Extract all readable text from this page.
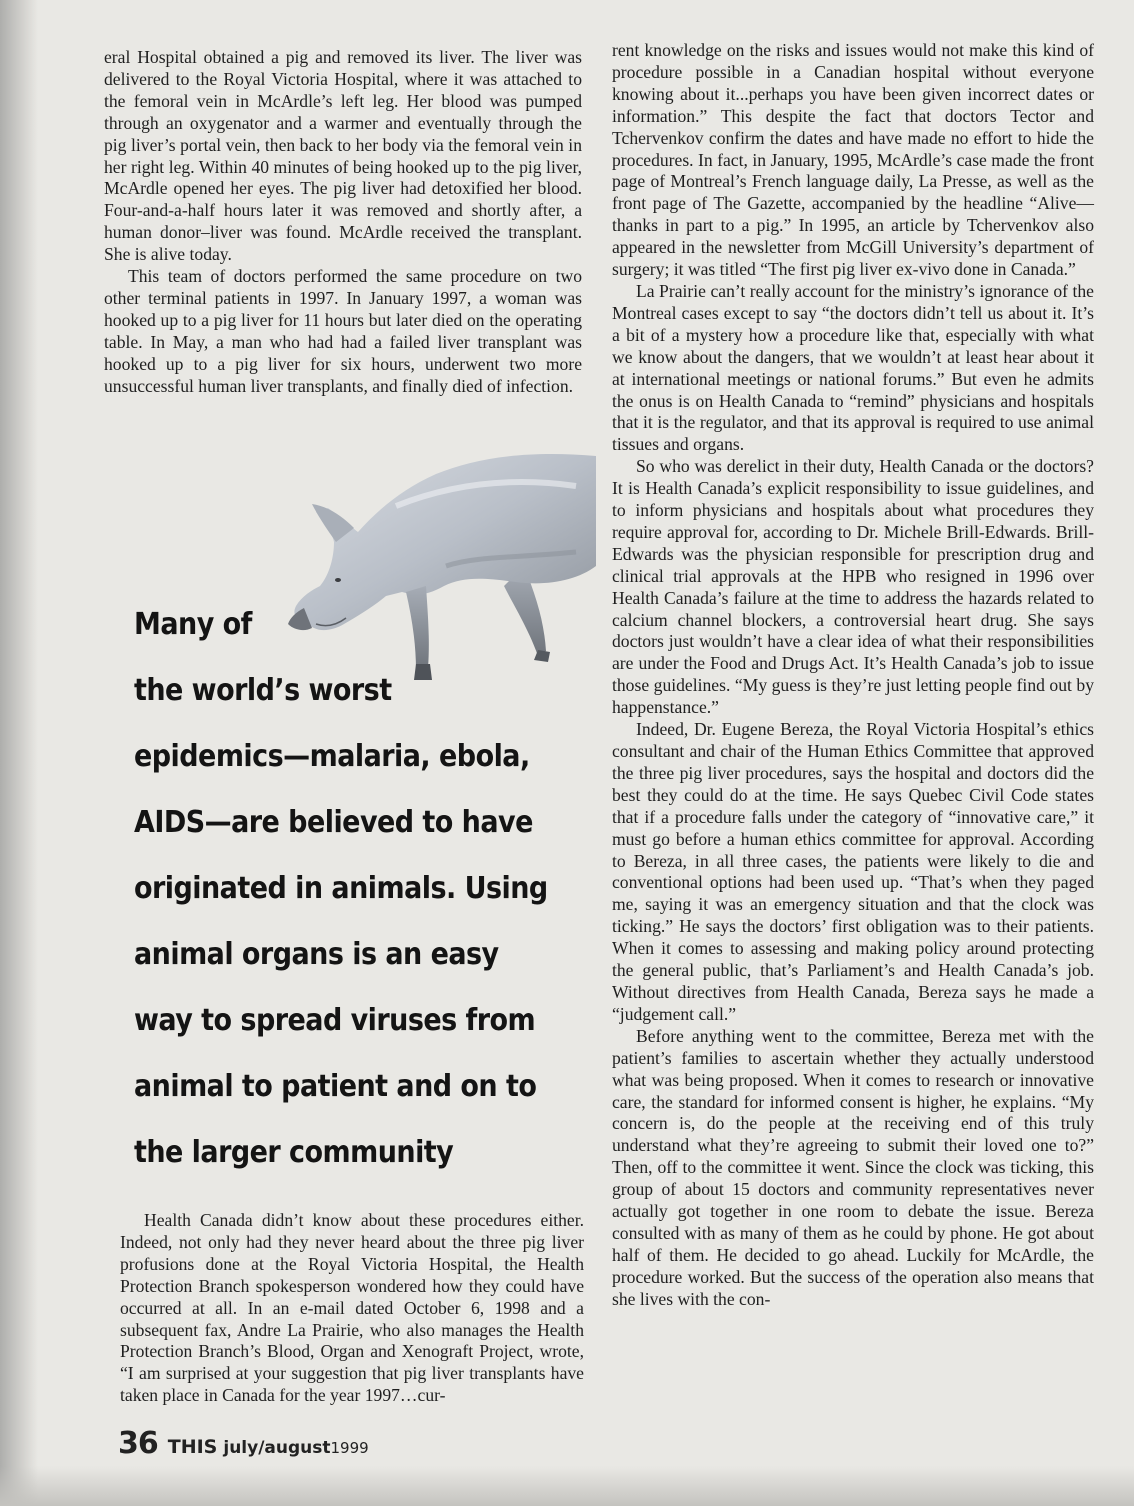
eral Hospital obtained a pig and removed its liver. The liver was delivered to the Royal Victoria Hospital, where it was attached to the femoral vein in McArdle’s left leg. Her blood was pumped through an oxygenator and a warmer and eventually through the pig liver’s portal vein, then back to her body via the femoral vein in her right leg. Within 40 minutes of being hooked up to the pig liver, McArdle opened her eyes. The pig liver had detoxified her blood. Four-and-a-half hours later it was removed and shortly after, a human donor–liver was found. McArdle received the transplant. She is alive today.

This team of doctors performed the same procedure on two other terminal patients in 1997. In January 1997, a woman was hooked up to a pig liver for 11 hours but later died on the operating table. In May, a man who had had a failed liver transplant was hooked up to a pig liver for six hours, underwent two more unsuccessful human liver transplants, and finally died of infection.

Many of
the world’s worst
epidemics—malaria, ebola,
AIDS—are believed to have
originated in animals. Using
animal organs is an easy
way to spread viruses from
animal to patient and on to
the larger community

Health Canada didn’t know about these procedures either. Indeed, not only had they never heard about the three pig liver profusions done at the Royal Victoria Hospital, the Health Protection Branch spokesperson wondered how they could have occurred at all. In an e-mail dated October 6, 1998 and a subsequent fax, Andre La Prairie, who also manages the Health Protection Branch’s Blood, Organ and Xenograft Project, wrote, “I am surprised at your suggestion that pig liver transplants have taken place in Canada for the year 1997…cur-

rent knowledge on the risks and issues would not make this kind of procedure possible in a Canadian hospital without everyone knowing about it...perhaps you have been given incorrect dates or information.” This despite the fact that doctors Tector and Tchervenkov confirm the dates and have made no effort to hide the procedures. In fact, in January, 1995, McArdle’s case made the front page of Montreal’s French language daily, La Presse, as well as the front page of The Gazette, accompanied by the headline “Alive—thanks in part to a pig.” In 1995, an article by Tchervenkov also appeared in the newsletter from McGill University’s department of surgery; it was titled “The first pig liver ex-vivo done in Canada.”

La Prairie can’t really account for the ministry’s ignorance of the Montreal cases except to say “the doctors didn’t tell us about it. It’s a bit of a mystery how a procedure like that, especially with what we know about the dangers, that we wouldn’t at least hear about it at international meetings or national forums.” But even he admits the onus is on Health Canada to “remind” physicians and hospitals that it is the regulator, and that its approval is required to use animal tissues and organs.

So who was derelict in their duty, Health Canada or the doctors? It is Health Canada’s explicit responsibility to issue guidelines, and to inform physicians and hospitals about what procedures they require approval for, according to Dr. Michele Brill-Edwards. Brill-Edwards was the physician responsible for prescription drug and clinical trial approvals at the HPB who resigned in 1996 over Health Canada’s failure at the time to address the hazards related to calcium channel blockers, a controversial heart drug. She says doctors just wouldn’t have a clear idea of what their responsibilities are under the Food and Drugs Act. It’s Health Canada’s job to issue those guidelines. “My guess is they’re just letting people find out by happenstance.”

Indeed, Dr. Eugene Bereza, the Royal Victoria Hospital’s ethics consultant and chair of the Human Ethics Committee that approved the three pig liver procedures, says the hospital and doctors did the best they could do at the time. He says Quebec Civil Code states that if a procedure falls under the category of “innovative care,” it must go before a human ethics committee for approval. According to Bereza, in all three cases, the patients were likely to die and conventional options had been used up. “That’s when they paged me, saying it was an emergency situation and that the clock was ticking.” He says the doctors’ first obligation was to their patients. When it comes to assessing and making policy around protecting the general public, that’s Parliament’s and Health Canada’s job. Without directives from Health Canada, Bereza says he made a “judgement call.”

Before anything went to the committee, Bereza met with the patient’s families to ascertain whether they actually understood what was being proposed. When it comes to research or innovative care, the standard for informed consent is higher, he explains. “My concern is, do the people at the receiving end of this truly understand what they’re agreeing to submit their loved one to?” Then, off to the committee it went. Since the clock was ticking, this group of about 15 doctors and community representatives never actually got together in one room to debate the issue. Bereza consulted with as many of them as he could by phone. He got about half of them. He decided to go ahead. Luckily for McArdle, the procedure worked. But the success of the operation also means that she lives with the con-

36 THIS july/august1999
